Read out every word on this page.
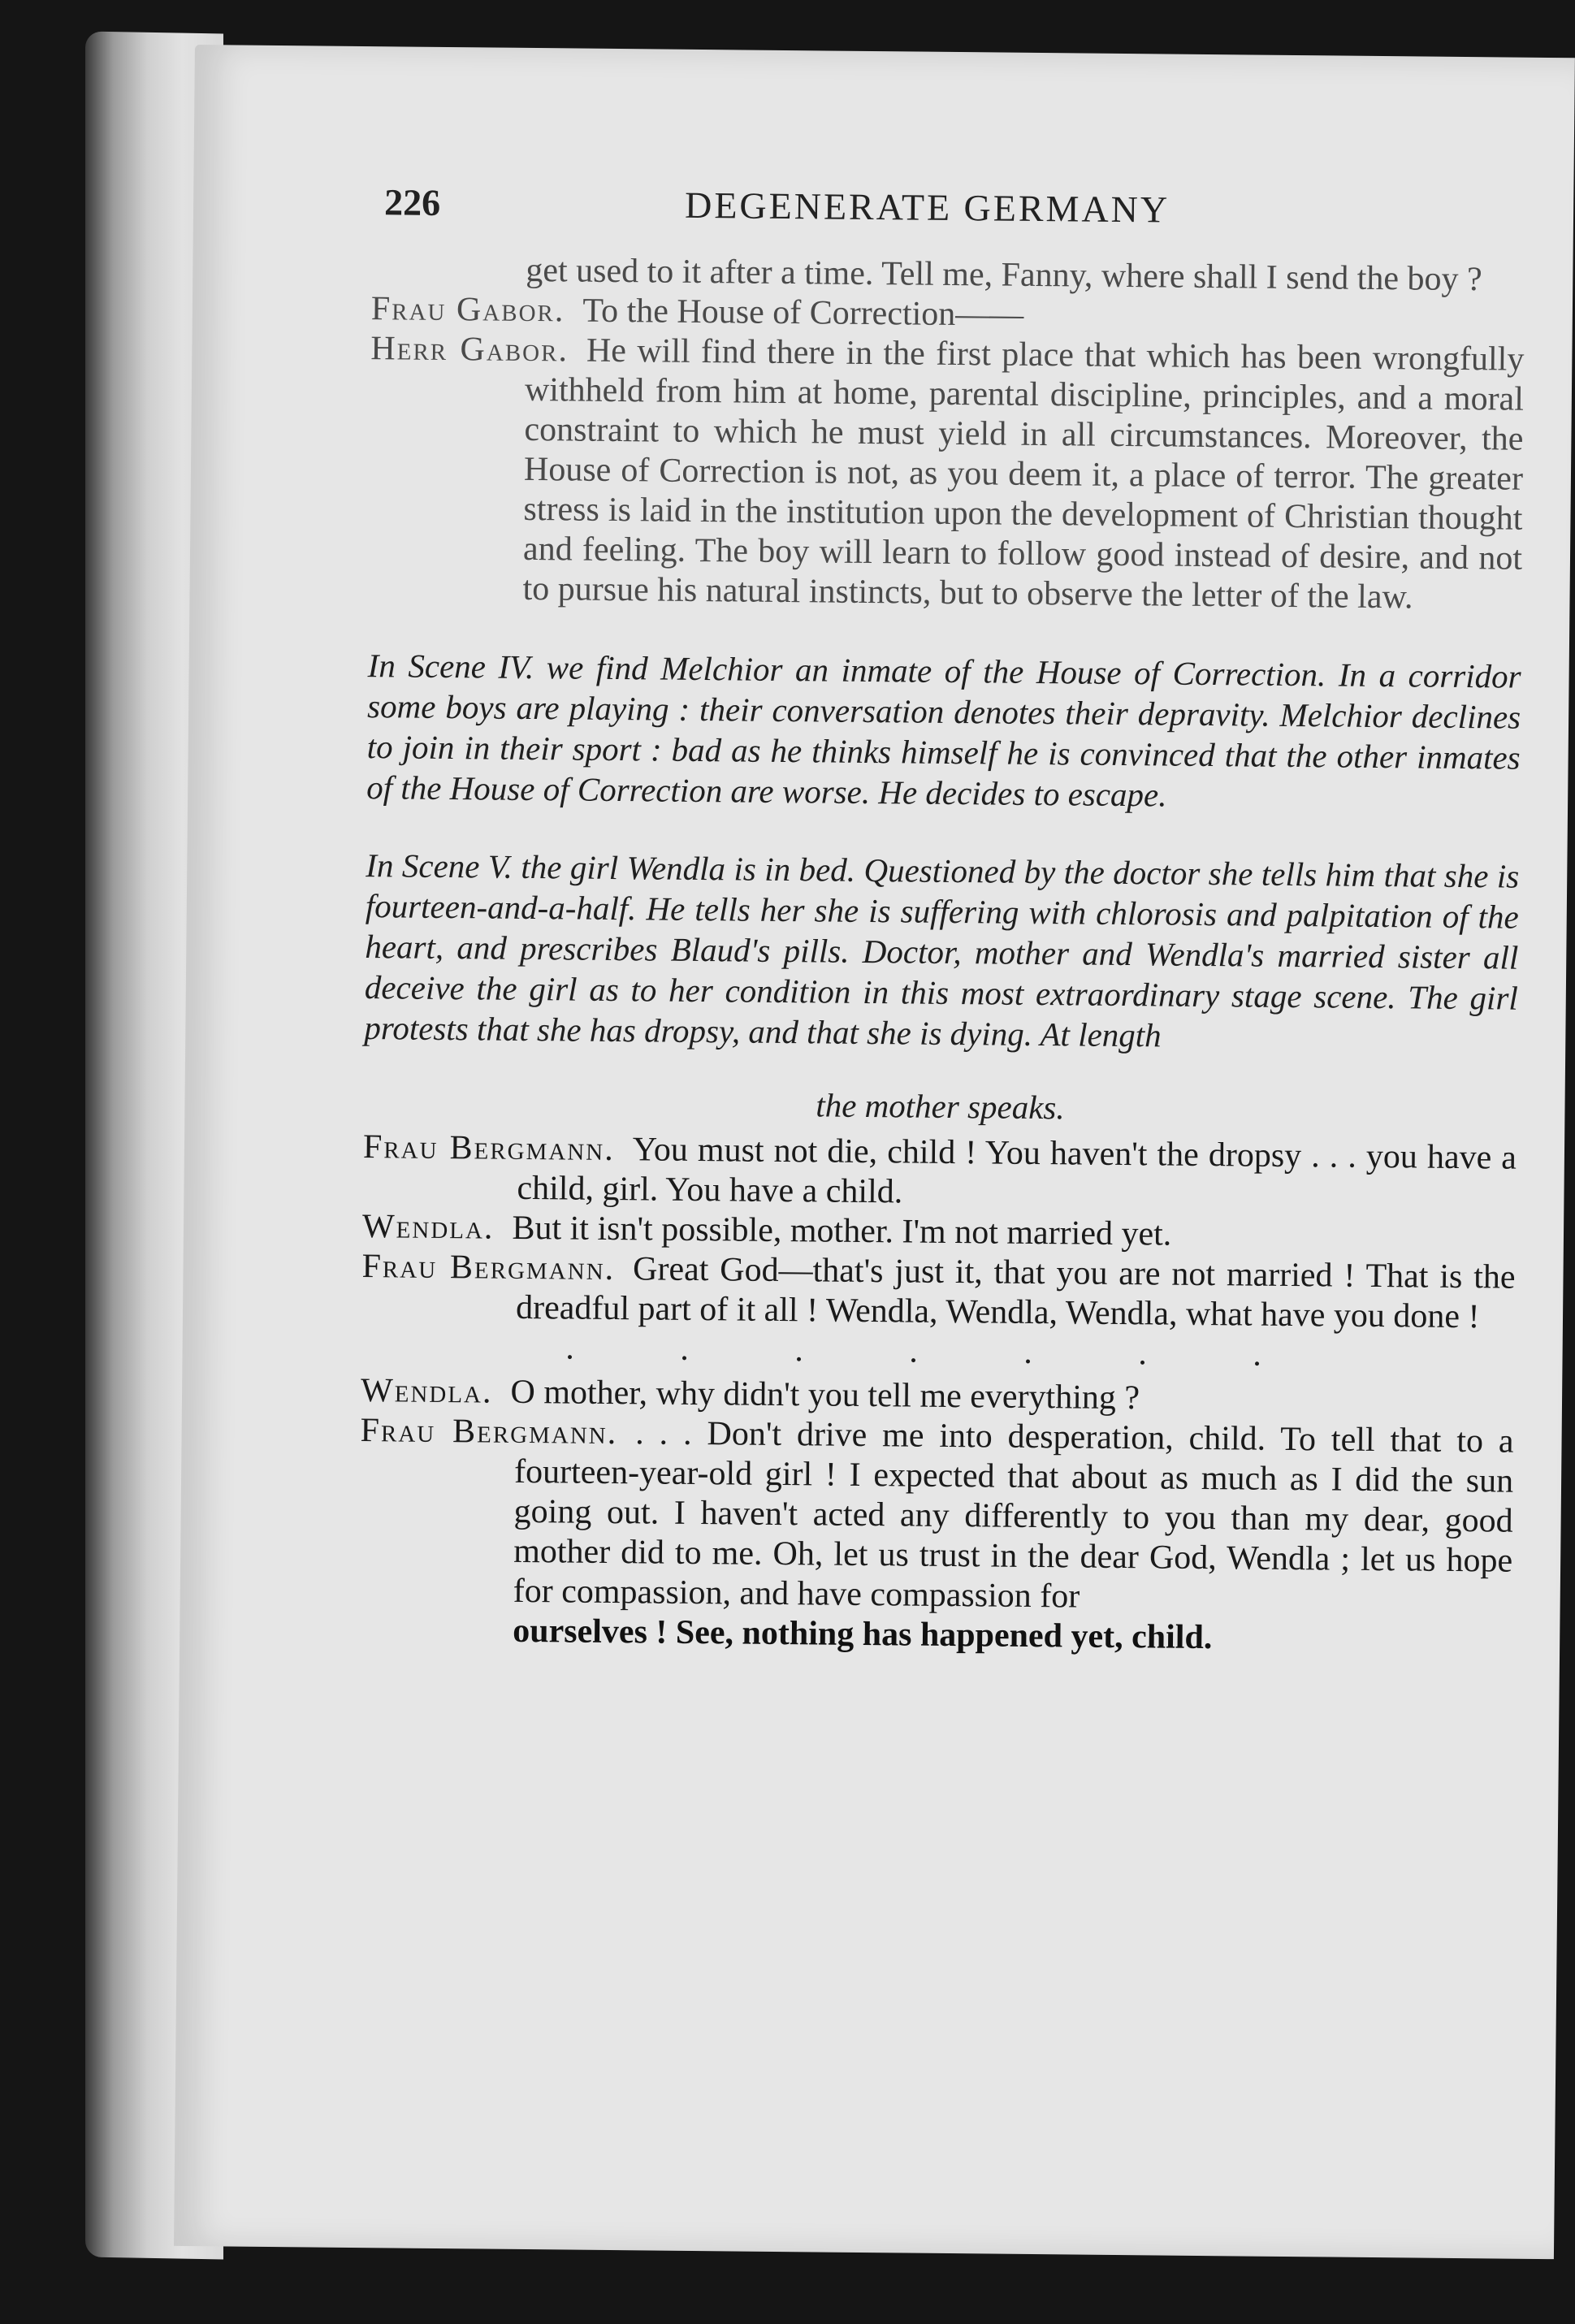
226	DEGENERATE GERMANY

get used to it after a time. Tell me, Fanny, where shall I send the boy ?

Frau Gabor. To the House of Correction——

Herr Gabor. He will find there in the first place that which has been wrongfully withheld from him at home, parental discipline, principles, and a moral constraint to which he must yield in all circumstances. Moreover, the House of Correction is not, as you deem it, a place of terror. The greater stress is laid in the institution upon the development of Christian thought and feeling. The boy will learn to follow good instead of desire, and not to pursue his natural instincts, but to observe the letter of the law.

In Scene IV. we find Melchior an inmate of the House of Correction. In a corridor some boys are playing : their conversation denotes their depravity. Melchior declines to join in their sport : bad as he thinks himself he is convinced that the other inmates of the House of Correction are worse. He decides to escape.

In Scene V. the girl Wendla is in bed. Questioned by the doctor she tells him that she is fourteen-and-a-half. He tells her she is suffering with chlorosis and palpitation of the heart, and prescribes Blaud's pills. Doctor, mother and Wendla's married sister all deceive the girl as to her condition in this most extraordinary stage scene. The girl protests that she has dropsy, and that she is dying. At length

the mother speaks.

Frau Bergmann. You must not die, child ! You haven't the dropsy . . . you have a child, girl. You have a child.

Wendla. But it isn't possible, mother. I'm not married yet.

Frau Bergmann. Great God—that's just it, that you are not married ! That is the dreadful part of it all ! Wendla, Wendla, Wendla, what have you done !

. . . . . . .

Wendla. O mother, why didn't you tell me everything ?

Frau Bergmann. . . . Don't drive me into desperation, child. To tell that to a fourteen-year-old girl ! I expected that about as much as I did the sun going out. I haven't acted any differently to you than my dear, good mother did to me. Oh, let us trust in the dear God, Wendla ; let us hope for compassion, and have compassion for

ourselves ! See, nothing has happened yet, child.
